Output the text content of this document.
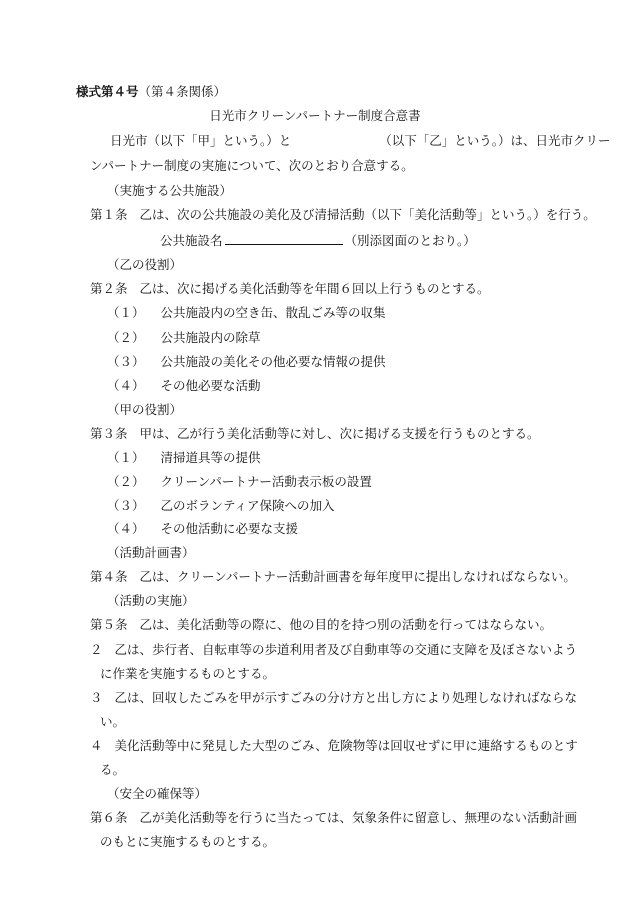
様式第４号（第４条関係）
日光市クリーンパートナー制度合意書
日光市（以下「甲」という。）と	（以下「乙」という。）は、日光市クリー
ンパートナー制度の実施について、次のとおり合意する。
（実施する公共施設）
第１条 乙は、次の公共施設の美化及び清掃活動（以下「美化活動等」という。）を行う。
公共施設名	（別添図面のとおり。）
（乙の役割）
第２条 乙は、次に掲げる美化活動等を年間６回以上行うものとする。
（１） 公共施設内の空き缶、散乱ごみ等の収集
（２） 公共施設内の除草
（３） 公共施設の美化その他必要な情報の提供
（４） その他必要な活動
（甲の役割）
第３条 甲は、乙が行う美化活動等に対し、次に掲げる支援を行うものとする。
（１） 清掃道具等の提供
（２） クリーンパートナー活動表示板の設置
（３） 乙のボランティア保険への加入
（４） その他活動に必要な支援
（活動計画書）
第４条 乙は、クリーンパートナー活動計画書を毎年度甲に提出しなければならない。
（活動の実施）
第５条 乙は、美化活動等の際に、他の目的を持つ別の活動を行ってはならない。
２ 乙は、歩行者、自転車等の歩道利用者及び自動車等の交通に支障を及ぼさないよう
に作業を実施するものとする。
３ 乙は、回収したごみを甲が示すごみの分け方と出し方により処理しなければならな
い。
４ 美化活動等中に発見した大型のごみ、危険物等は回収せずに甲に連絡するものとす
る。
（安全の確保等）
第６条 乙が美化活動等を行うに当たっては、気象条件に留意し、無理のない活動計画
のもとに実施するものとする。
